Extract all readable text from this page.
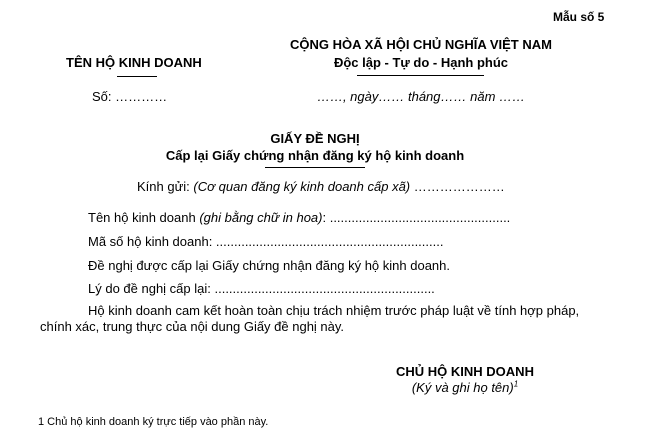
Mẫu số 5
TÊN HỘ KINH DOANH
Số: …………
CỘNG HÒA XÃ HỘI CHỦ NGHĨA VIỆT NAM
Độc lập - Tự do - Hạnh phúc
……, ngày…… tháng…… năm ……
GIẤY ĐỀ NGHỊ
Cấp lại Giấy chứng nhận đăng ký hộ kinh doanh
Kính gửi: (Cơ quan đăng ký kinh doanh cấp xã) …………………
Tên hộ kinh doanh (ghi bằng chữ in hoa): ..................................................
Mã số hộ kinh doanh: ...............................................................
Đề nghị được cấp lại Giấy chứng nhận đăng ký hộ kinh doanh.
Lý do đề nghị cấp lại: .............................................................
Hộ kinh doanh cam kết hoàn toàn chịu trách nhiệm trước pháp luật về tính hợp pháp,
chính xác, trung thực của nội dung Giấy đề nghị này.
CHỦ HỘ KINH DOANH
(Ký và ghi họ tên)$^1$
1 Chủ hộ kinh doanh ký trực tiếp vào phần này.
